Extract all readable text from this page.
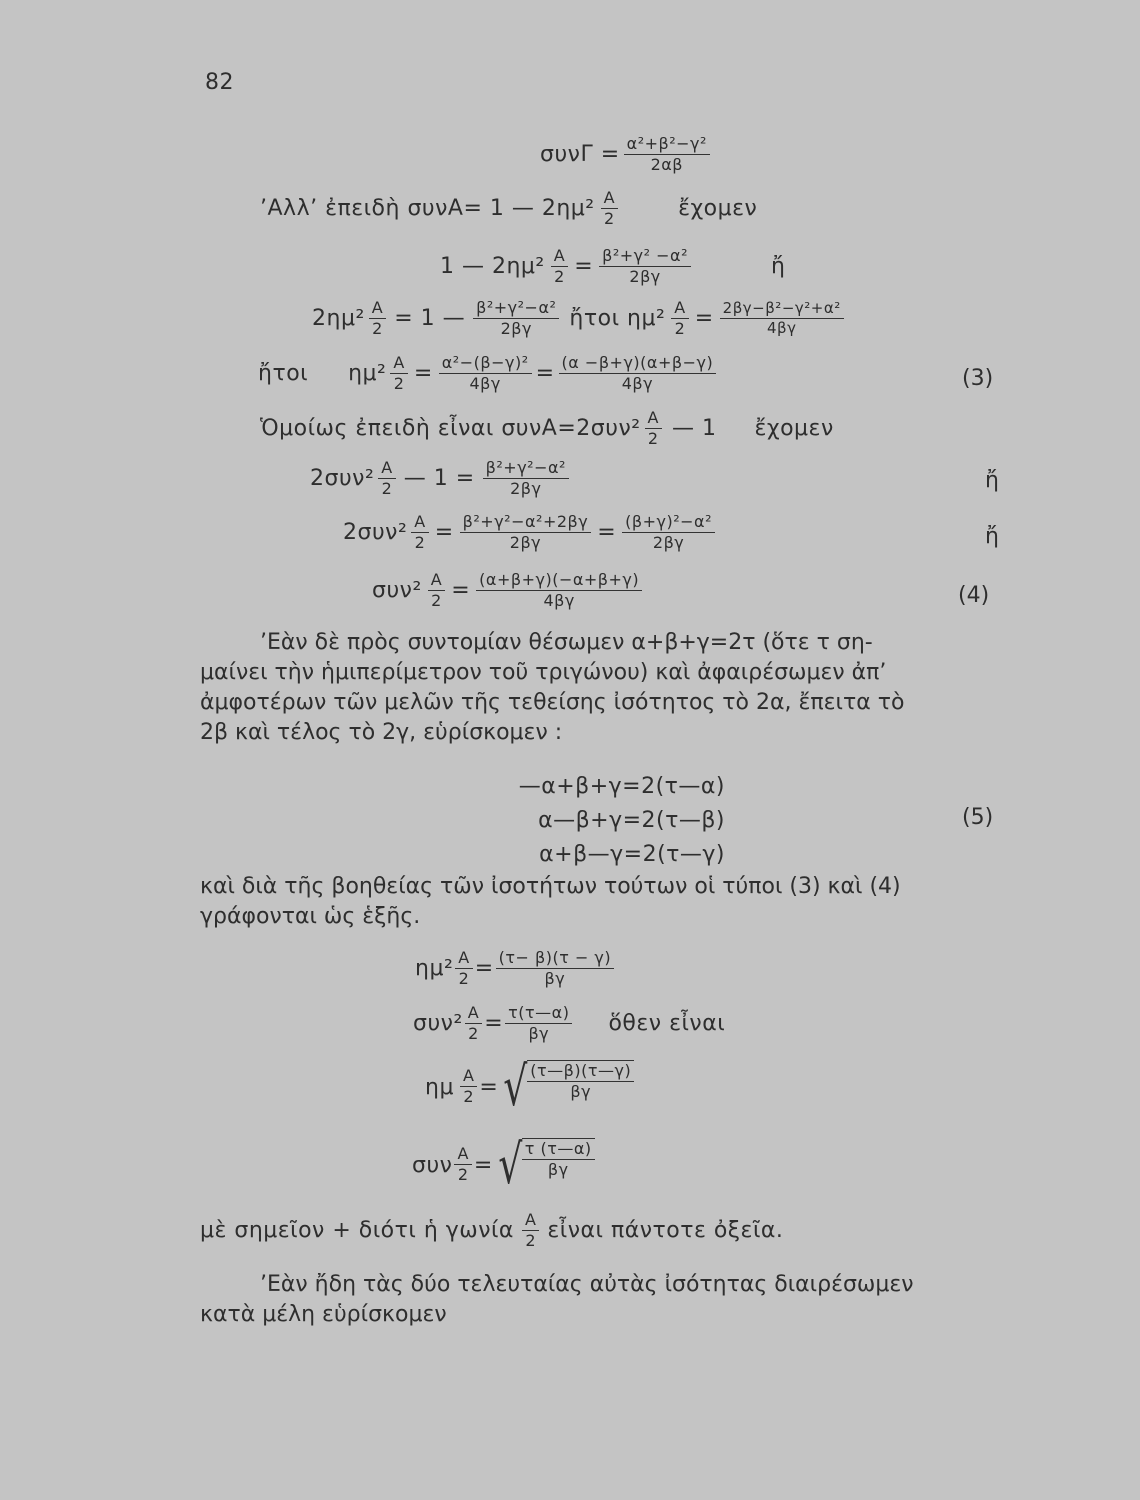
82
$\sigma\upsilon\nu\Gamma = \frac{\text{α²+β²−γ²}}{2\alpha\beta}$
’Αλλ’ ἐπειδὴ συνΑ= 1 — $2\eta\mu^2 \frac{A}{2}$	ἔχομεν
1 — $2\eta\mu^2 \frac{A}{2} = \frac{\text{β²+γ² −α²}}{2\beta\gamma}$	ἤ
$2\eta\mu^2 \frac{A}{2} = 1$ — $\frac{\text{β²+γ²−α²}}{2\beta\gamma}$ ἤτοι $\eta\mu^2 \frac{A}{2} = \frac{\text{2βγ−β²−γ²+α²}}{4\beta\gamma}$
ἤτοι $\eta\mu^2 \frac{A}{2} = \frac{\text{α²−(β−γ)²}}{4\beta\gamma} = \frac{(\alpha -\beta+\gamma)(\alpha+\beta-\gamma)}{4\beta\gamma}$	(3)
Ὁμοίως ἐπειδὴ εἶναι $\sigma\upsilon\nu A=2\sigma\upsilon\nu^2 \frac{A}{2}$ — 1 ἔχομεν
$2\sigma\upsilon\nu^2 \frac{A}{2}$ — $1 = \frac{\text{β²+γ²−α²}}{2\beta\gamma}$	ἤ
$2\sigma\upsilon\nu^2 \frac{A}{2} = \frac{\text{β²+γ²−α²+2βγ}}{2\beta\gamma} = \frac{\text{(β+γ)²−α²}}{2\beta\gamma}$	ἤ
$\sigma\upsilon\nu^2 \frac{A}{2} = \frac{(\alpha+\beta+\gamma)(-\alpha+\beta+\gamma)}{4\beta\gamma}$	(4)
’Εὰν δὲ πρὸς συντομίαν θέσωμεν α+β+γ=2τ (ὅτε τ ση-
μαίνει τὴν ἡμιπερίμετρον τοῦ τριγώνου) καὶ ἀφαιρέσωμεν ἀπ’
ἀμφοτέρων τῶν μελῶν τῆς τεθείσης ἰσότητος τὸ 2α, ἔπειτα τὸ
2β καὶ τέλος τὸ 2γ, εὑρίσκομεν :
—α+β+γ=2(τ—α)
α—β+γ=2(τ—β)
α+β—γ=2(τ—γ)
(5)
καὶ διὰ τῆς βοηθείας τῶν ἰσοτήτων τούτων οἱ τύποι (3) καὶ (4)
γράφονται ὡς ἑξῆς.
$\eta\mu^2 \frac{A}{2} = \frac{(\tau- \beta)(\tau - \gamma)}{\beta\gamma}$
$\sigma\upsilon\nu^2 \frac{A}{2} = \frac{\tau(\tau—\alpha)}{\beta\gamma}$ ὅθεν εἶναι
ημ $\frac{A}{2}$ = √ $\frac{(\tau—\beta)(\tau—\gamma)}{\beta\gamma}$
συν $\frac{A}{2}$ = √ $\frac{\tau (\tau—\alpha)}{\beta\gamma}$
μὲ σημεῖον + διότι ἡ γωνία $\frac{A}{2}$ εἶναι πάντοτε ὀξεῖα.
’Εὰν ἤδη τὰς δύο τελευταίας αὐτὰς ἰσότητας διαιρέσωμεν
κατὰ μέλη εὑρίσκομεν
